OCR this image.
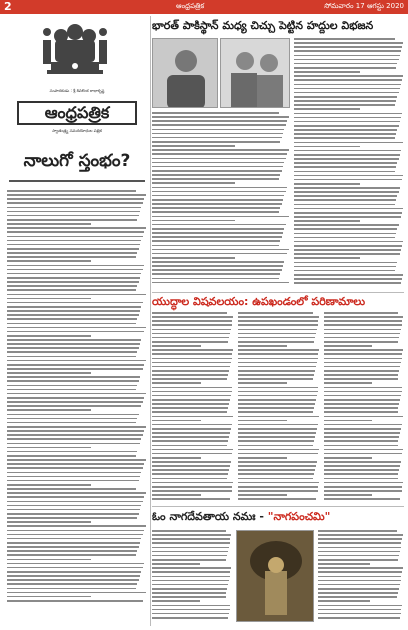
2	ఆంధ్రపత్రిక	సోమవారం 17 ఆగస్టు 2020
సంపాదకుడు : శ్రీ శివలెంక రాధాకృష్ణ
ఆంధ్రపత్రిక
స్వాతంత్ర్య సమరయోధుల పత్రిక
నాలుగో స్తంభం?
భారత్ పాకిస్థాన్ మధ్య చిచ్చు పెట్టిన హద్దుల విభజన
యుద్ధాల విషవలయం: ఉపఖండంలో పరిణామాలు
ఓం నాగదేవతాయ నమః - "నాగపంచమి"
